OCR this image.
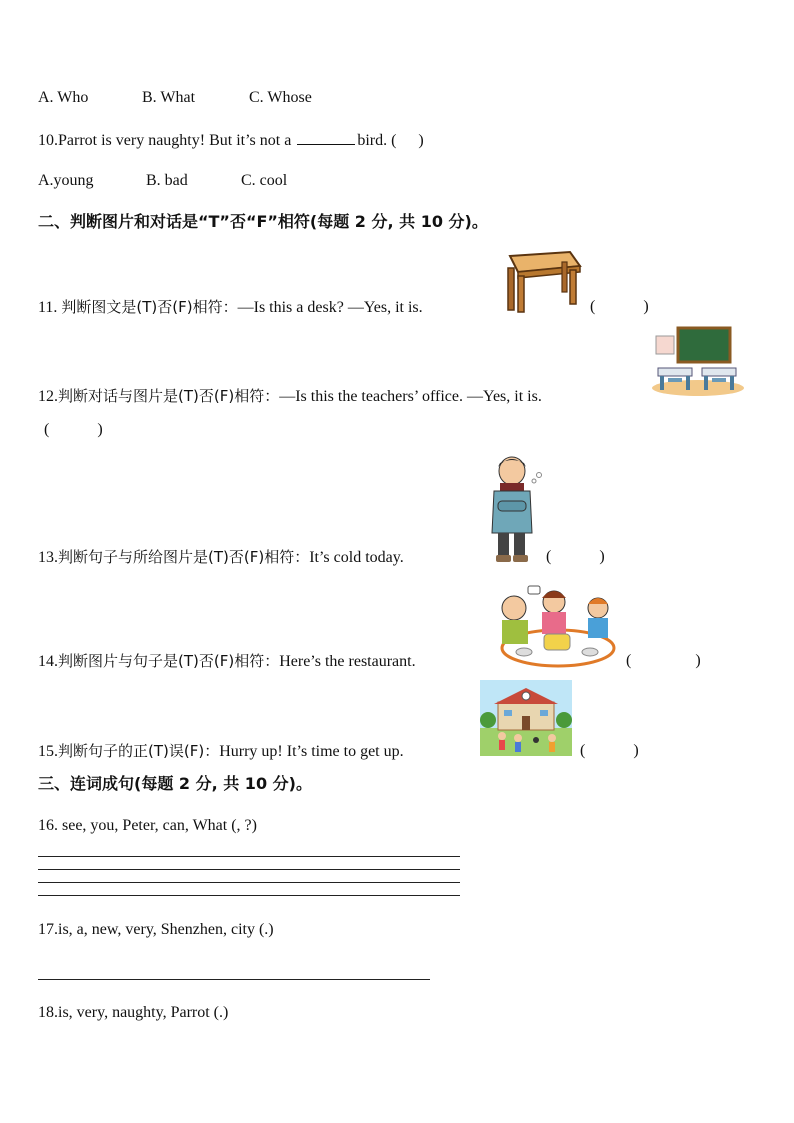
A. Who	B. What	C. Whose
10.Parrot is very naughty! But it’s not a	bird. ( )
A.young	B. bad	C. cool
二、判断图片和对话是“T”否“F”相符(每题 2 分, 共 10 分)。
11. 判断图文是(T)否(F)相符：—Is this a desk? —Yes, it is.	(　　　)
12.判断对话与图片是(T)否(F)相符：—Is this the teachers’ office. —Yes, it is.
(　　　)
13.判断句子与所给图片是(T)否(F)相符：It’s cold today.	(　　　)
14.判断图片与句子是(T)否(F)相符：Here’s the restaurant.	(　　　　)
15.判断句子的正(T)误(F)：Hurry up! It’s time to get up.	(　　　)
三、连词成句(每题 2 分, 共 10 分)。
16. see, you, Peter, can, What (, ?)
17.is, a, new, very, Shenzhen, city (.)
18.is, very, naughty, Parrot (.)
